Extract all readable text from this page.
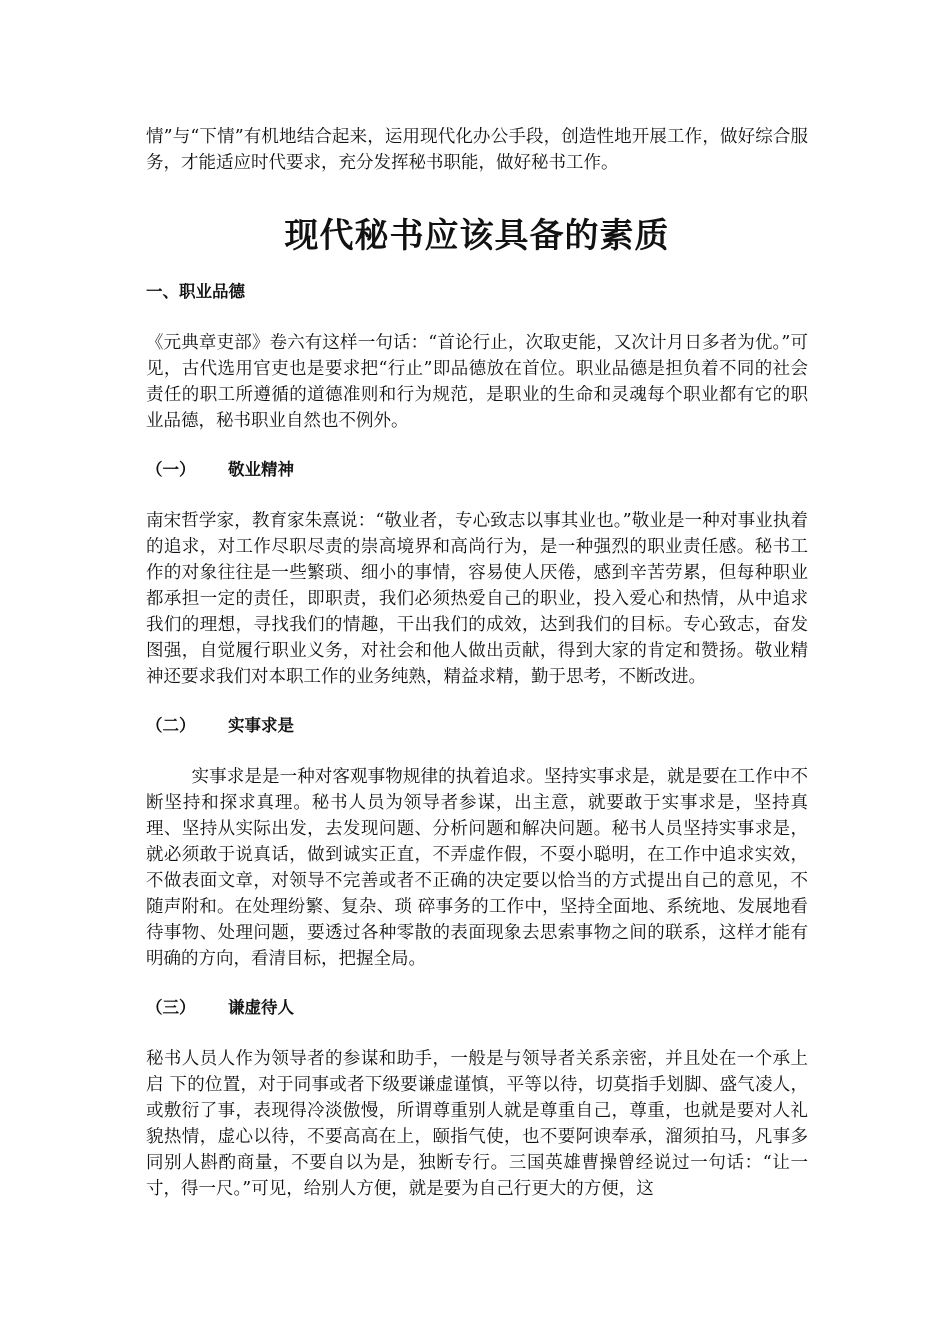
情”与“下情”有机地结合起来，运用现代化办公手段，创造性地开展工作，做好综合服务，才能适应时代要求，充分发挥秘书职能，做好秘书工作。

现代秘书应该具备的素质
一、职业品德

《元典章吏部》卷六有这样一句话：“首论行止，次取吏能，又次计月日多者为优。”可 见，古代选用官吏也是要求把“行止”即品德放在首位。职业品德是担负着不同的社会责任的职工所遵循的道德准则和行为规范，是职业的生命和灵魂每个职业都有它的职业品德，秘书职业自然也不例外。

（一）	敬业精神

南宋哲学家，教育家朱熹说：“敬业者，专心致志以事其业也。”敬业是一种对事业执着 的追求，对工作尽职尽责的崇高境界和高尚行为，是一种强烈的职业责任感。秘书工作的对象往往是一些繁琐、细小的事情，容易使人厌倦，感到辛苦劳累，但每种职业都承担一定的责任，即职责，我们必须热爱自己的职业，投入爱心和热情，从中追求我们的理想，寻找我们的情趣，干出我们的成效，达到我们的目标。专心致志，奋发图强，自觉履行职业义务，对社会和他人做出贡献，得到大家的肯定和赞扬。敬业精神还要求我们对本职工作的业务纯熟，精益求精，勤于思考，不断改进。

（二）	实事求是

实事求是是一种对客观事物规律的执着追求。坚持实事求是，就是要在工作中不断坚持和探求真理。秘书人员为领导者参谋，出主意，就要敢于实事求是，坚持真理、坚持从实际出发，去发现问题、分析问题和解决问题。秘书人员坚持实事求是，就必须敢于说真话，做到诚实正直，不弄虚作假，不耍小聪明，在工作中追求实效，不做表面文章，对领导不完善或者不正确的决定要以恰当的方式提出自己的意见，不随声附和。在处理纷繁、复杂、琐 碎事务的工作中，坚持全面地、系统地、发展地看待事物、处理问题，要透过各种零散的表面现象去思索事物之间的联系，这样才能有明确的方向，看清目标，把握全局。

（三）	谦虚待人

秘书人员人作为领导者的参谋和助手，一般是与领导者关系亲密，并且处在一个承上启 下的位置，对于同事或者下级要谦虚谨慎，平等以待，切莫指手划脚、盛气凌人，或敷衍了事，表现得冷淡傲慢，所谓尊重别人就是尊重自己，尊重，也就是要对人礼貌热情，虚心以待，不要高高在上，颐指气使，也不要阿谀奉承，溜须拍马，凡事多同别人斟酌商量，不要自以为是，独断专行。三国英雄曹操曾经说过一句话：“让一寸，得一尺。”可见，给别人方便，就是要为自己行更大的方便，这
